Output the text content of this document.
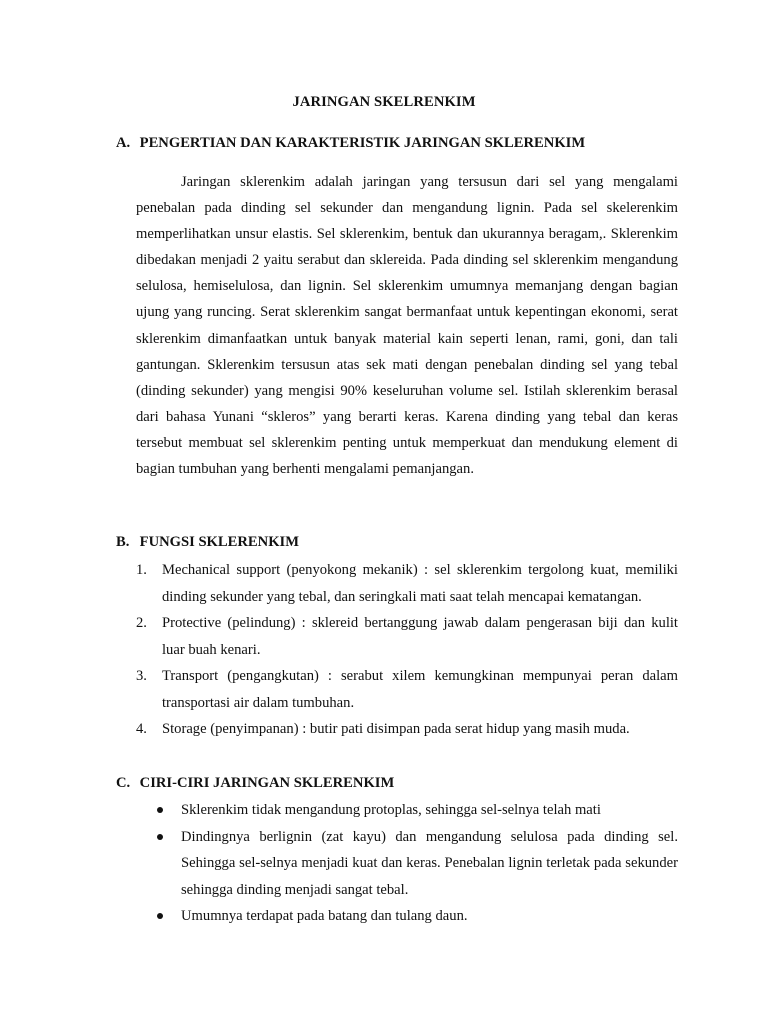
JARINGAN SKELRENKIM
A. PENGERTIAN DAN KARAKTERISTIK JARINGAN SKLERENKIM

Jaringan sklerenkim adalah jaringan yang tersusun dari sel yang mengalami penebalan pada dinding sel sekunder dan mengandung lignin. Pada sel skelerenkim memperlihatkan unsur elastis. Sel sklerenkim, bentuk dan ukurannya beragam,. Sklerenkim dibedakan menjadi 2 yaitu serabut dan sklereida. Pada dinding sel sklerenkim mengandung selulosa, hemiselulosa, dan lignin. Sel sklerenkim umumnya memanjang dengan bagian ujung yang runcing. Serat sklerenkim sangat bermanfaat untuk kepentingan ekonomi, serat sklerenkim dimanfaatkan untuk banyak material kain seperti lenan, rami, goni, dan tali gantungan. Sklerenkim tersusun atas sek mati dengan penebalan dinding sel yang tebal (dinding sekunder) yang mengisi 90% keseluruhan volume sel. Istilah sklerenkim berasal dari bahasa Yunani “skleros” yang berarti keras. Karena dinding yang tebal dan keras tersebut membuat sel sklerenkim penting untuk memperkuat dan mendukung element di bagian tumbuhan yang berhenti mengalami pemanjangan.

B. FUNGSI SKLERENKIM
1. Mechanical support (penyokong mekanik) : sel sklerenkim tergolong kuat, memiliki dinding sekunder yang tebal, dan seringkali mati saat telah mencapai kematangan.
2. Protective (pelindung) : sklereid bertanggung jawab dalam pengerasan biji dan kulit luar buah kenari.
3. Transport (pengangkutan) : serabut xilem kemungkinan mempunyai peran dalam transportasi air dalam tumbuhan.
4. Storage (penyimpanan) : butir pati disimpan pada serat hidup yang masih muda.
C. CIRI-CIRI JARINGAN SKLERENKIM
Sklerenkim tidak mengandung protoplas, sehingga sel-selnya telah mati
Dindingnya berlignin (zat kayu) dan mengandung selulosa pada dinding sel. Sehingga sel-selnya menjadi kuat dan keras. Penebalan lignin terletak pada sekunder sehingga dinding menjadi sangat tebal.
Umumnya terdapat pada batang dan tulang daun.
